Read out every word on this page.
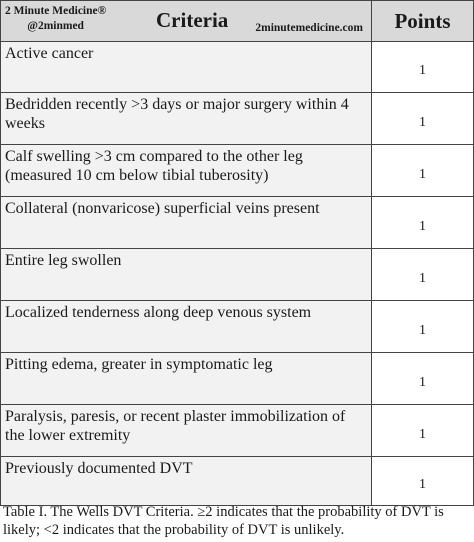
2 Minute Medicine®
@2minmed Criteria 2minutemedicine.com	Points
Active cancer	1
Bedridden recently >3 days or major surgery within 4 weeks	1
Calf swelling >3 cm compared to the other leg (measured 10 cm below tibial tuberosity)	1
Collateral (nonvaricose) superficial veins present	1
Entire leg swollen	1
Localized tenderness along deep venous system	1
Pitting edema, greater in symptomatic leg	1
Paralysis, paresis, or recent plaster immobilization of the lower extremity	1
Previously documented DVT	1
Table I. The Wells DVT Criteria. ≥2 indicates that the probability of DVT is likely; <2 indicates that the probability of DVT is unlikely.
